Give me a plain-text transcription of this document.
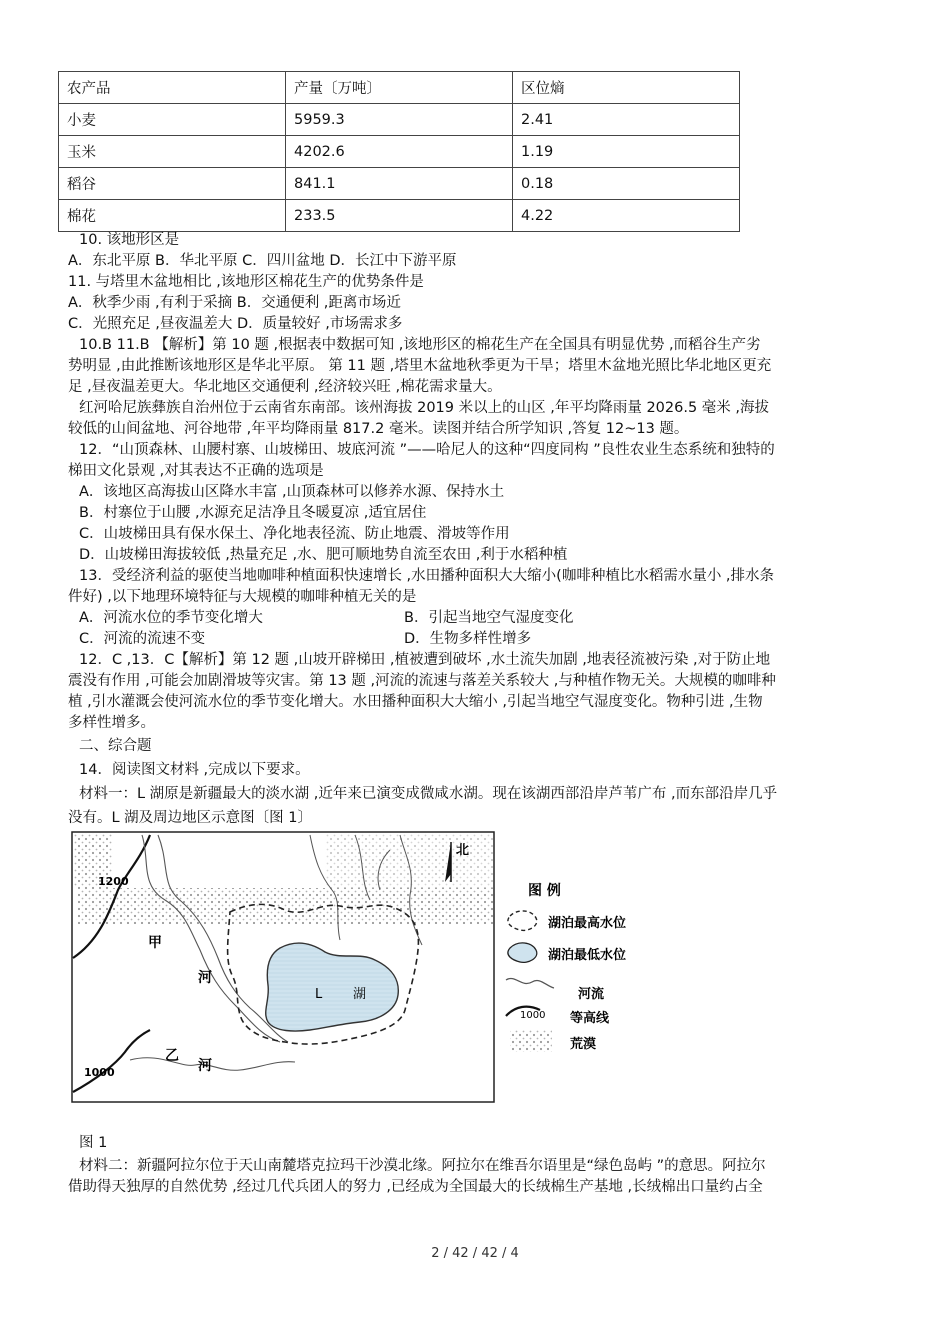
农产品	产量〔万吨〕	区位熵
小麦	5959.3	2.41
玉米	4202.6	1.19
稻谷	841.1	0.18
棉花	233.5	4.22
10. 该地形区是
A．东北平原 B．华北平原 C．四川盆地 D．长江中下游平原
11. 与塔里木盆地相比 ,该地形区棉花生产的优势条件是
A．秋季少雨 ,有利于采摘 B．交通便利 ,距离市场近
C．光照充足 ,昼夜温差大 D．质量较好 ,市场需求多
10.B 11.B 【解析】第 10 题 ,根据表中数据可知 ,该地形区的棉花生产在全国具有明显优势 ,而稻谷生产劣
势明显 ,由此推断该地形区是华北平原。 第 11 题 ,塔里木盆地秋季更为干旱；塔里木盆地光照比华北地区更充
足 ,昼夜温差更大。华北地区交通便利 ,经济较兴旺 ,棉花需求量大。
红河哈尼族彝族自治州位于云南省东南部。该州海拔 2019 米以上的山区 ,年平均降雨量 2026.5 毫米 ,海拔
较低的山间盆地、河谷地带 ,年平均降雨量 817.2 毫米。读图并结合所学知识 ,答复 12~13 题。
12．“山顶森林、山腰村寨、山坡梯田、坡底河流 ”——哈尼人的这种“四度同构 ”良性农业生态系统和独特的
梯田文化景观 ,对其表达不正确的选项是
A．该地区高海拔山区降水丰富 ,山顶森林可以修养水源、保持水土
B．村寨位于山腰 ,水源充足洁净且冬暖夏凉 ,适宜居住
C．山坡梯田具有保水保土、净化地表径流、防止地震、滑坡等作用
D．山坡梯田海拔较低 ,热量充足 ,水、肥可顺地势自流至农田 ,利于水稻种植
13．受经济利益的驱使当地咖啡种植面积快速增长 ,水田播种面积大大缩小(咖啡种植比水稻需水量小 ,排水条
件好) ,以下地理环境特征与大规模的咖啡种植无关的是
A．河流水位的季节变化增大	B．引起当地空气湿度变化
C．河流的流速不变	D．生物多样性增多
12．C ,13．C【解析】第 12 题 ,山坡开辟梯田 ,植被遭到破坏 ,水土流失加剧 ,地表径流被污染 ,对于防止地
震没有作用 ,可能会加剧滑坡等灾害。第 13 题 ,河流的流速与落差关系较大 ,与种植作物无关。大规模的咖啡种
植 ,引水灌溉会使河流水位的季节变化增大。水田播种面积大大缩小 ,引起当地空气湿度变化。物种引进 ,生物
多样性增多。
二、综合题
14．阅读图文材料 ,完成以下要求。
材料一：L 湖原是新疆最大的淡水湖 ,近年来已演变成微咸水湖。现在该湖西部沿岸芦苇广布 ,而东部沿岸几乎
没有。L 湖及周边地区示意图〔图 1〕
L 湖
1200
1000
甲
河
乙
河
北
图 例
湖泊最高水位
湖泊最低水位
河流
1000 等高线
荒漠
图 1
材料二：新疆阿拉尔位于天山南麓塔克拉玛干沙漠北缘。阿拉尔在维吾尔语里是“绿色岛屿 ”的意思。阿拉尔
借助得天独厚的自然优势 ,经过几代兵团人的努力 ,已经成为全国最大的长绒棉生产基地 ,长绒棉出口量约占全
2 / 42 / 42 / 4
